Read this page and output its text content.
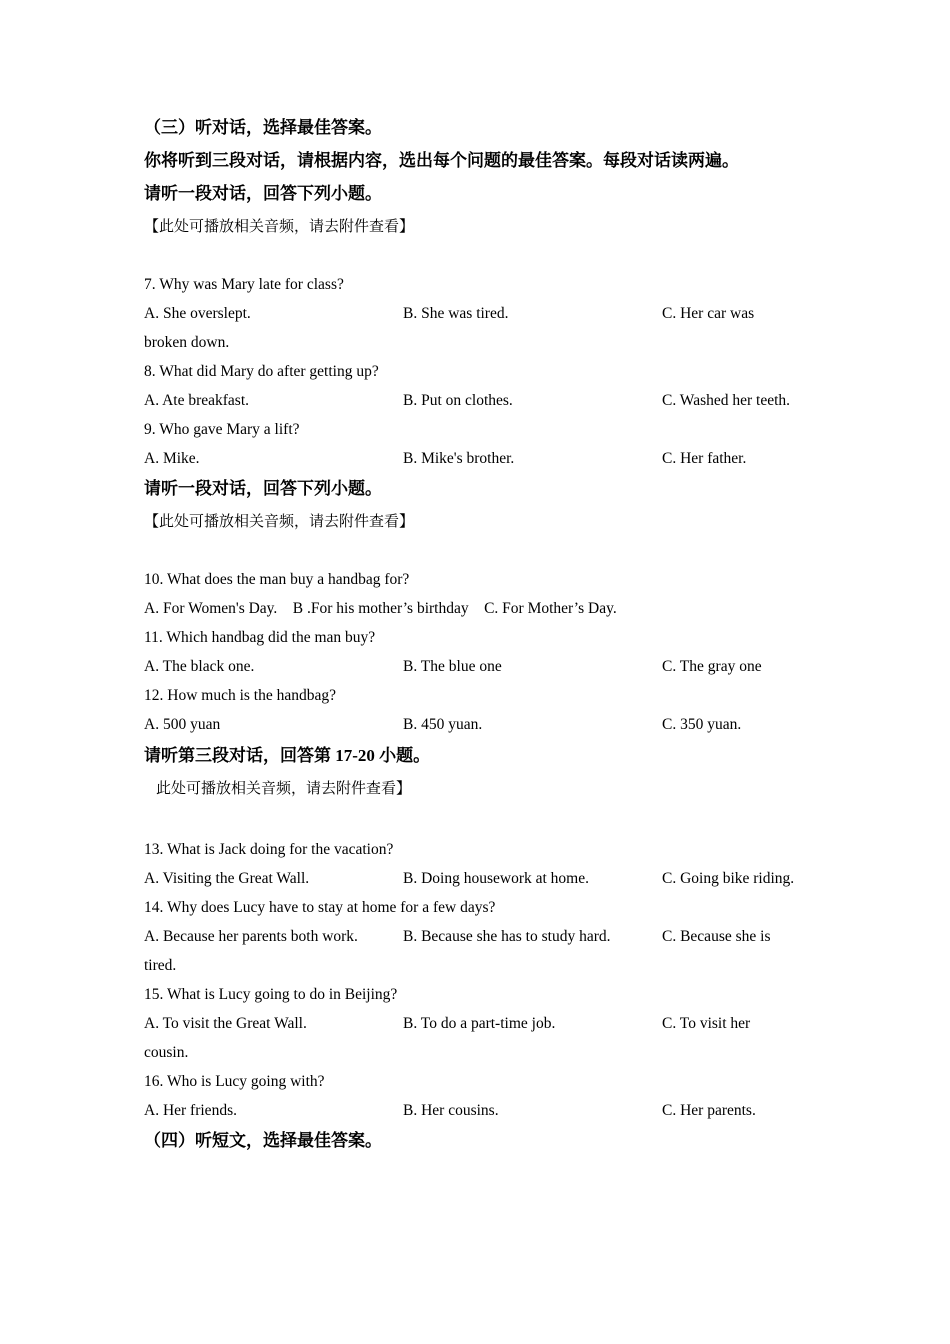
（三）听对话，选择最佳答案。
你将听到三段对话，请根据内容，选出每个问题的最佳答案。每段对话读两遍。
请听一段对话，回答下列小题。
【此处可播放相关音频，请去附件查看】
7. Why was Mary late for class?
A. She overslept.	B. She was tired.	C. Her car was
broken down.
8. What did Mary do after getting up?
A. Ate breakfast.	B. Put on clothes.	C. Washed her teeth.
9. Who gave Mary a lift?
A. Mike.	B. Mike's brother.	C. Her father.
请听一段对话，回答下列小题。
【此处可播放相关音频，请去附件查看】
10. What does the man buy a handbag for?
A. For Women's Day.    B .For his mother’s birthday    C. For Mother’s Day.
11. Which handbag did the man buy?
A. The black one.	B. The blue one	C. The gray one
12. How much is the handbag?
A. 500 yuan	B. 450 yuan.	C. 350 yuan.
请听第三段对话，回答第 17-20 小题。
此处可播放相关音频，请去附件查看】
13. What is Jack doing for the vacation?
A. Visiting the Great Wall.	B. Doing housework at home.	C. Going bike riding.
14. Why does Lucy have to stay at home for a few days?
A. Because her parents both work.	B. Because she has to study hard.	C. Because she is
tired.
15. What is Lucy going to do in Beijing?
A. To visit the Great Wall.	B. To do a part-time job.	C. To visit her
cousin.
16. Who is Lucy going with?
A. Her friends.	B. Her cousins.	C. Her parents.
（四）听短文，选择最佳答案。
